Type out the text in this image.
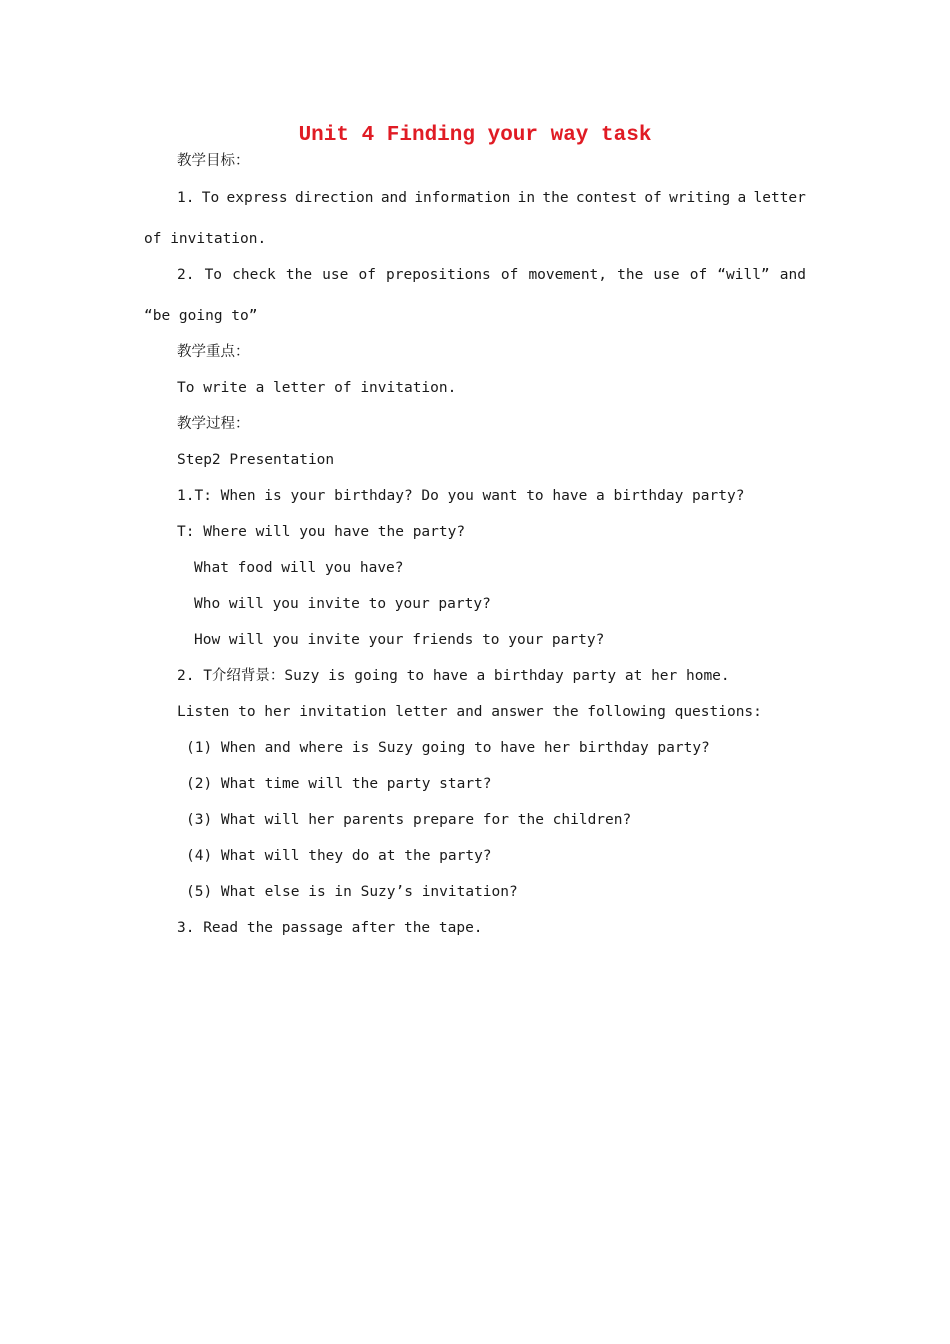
Unit 4 Finding your way task
教学目标：
1. To express direction and information in the contest of writing a letter
of invitation.
2. To check the use of prepositions of movement, the use of “will” and
“be going to”
教学重点：
To write a letter of invitation.
教学过程：
Step2 Presentation
1.T: When is your birthday? Do you want to have a birthday party?
T: Where will you have the party?
What food will you have?
Who will you invite to your party?
How will you invite your friends to your party?
2. T介绍背景：Suzy is going to have a birthday party at her home.
Listen to her invitation letter and answer the following questions:
(1) When and where is Suzy going to have her birthday party?
(2) What time will the party start?
(3) What will her parents prepare for the children?
(4) What will they do at the party?
(5) What else is in Suzy’s invitation?
3. Read the passage after the tape.
